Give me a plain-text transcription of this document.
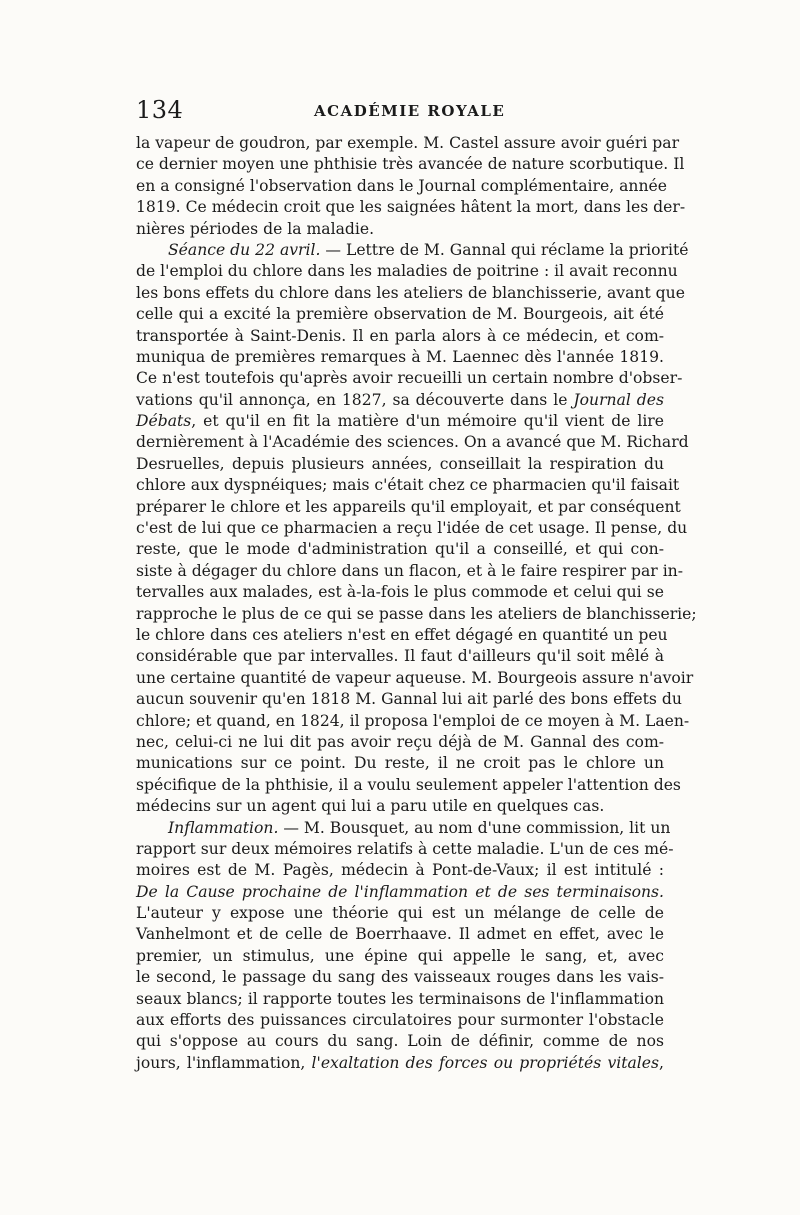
134	ACADÉMIE ROYALE
la vapeur de goudron, par exemple. M. Castel assure avoir guéri par
ce dernier moyen une phthisie très avancée de nature scorbutique. Il
en a consigné l'observation dans le Journal complémentaire, année
1819. Ce médecin croit que les saignées hâtent la mort, dans les der-
nières périodes de la maladie.
Séance du 22 avril. — Lettre de M. Gannal qui réclame la priorité
de l'emploi du chlore dans les maladies de poitrine : il avait reconnu
les bons effets du chlore dans les ateliers de blanchisserie, avant que
celle qui a excité la première observation de M. Bourgeois, ait été
transportée à Saint-Denis. Il en parla alors à ce médecin, et com-
muniqua de premières remarques à M. Laennec dès l'année 1819.
Ce n'est toutefois qu'après avoir recueilli un certain nombre d'obser-
vations qu'il annonça, en 1827, sa découverte dans le Journal des
Débats, et qu'il en fit la matière d'un mémoire qu'il vient de lire
dernièrement à l'Académie des sciences. On a avancé que M. Richard
Desruelles, depuis plusieurs années, conseillait la respiration du
chlore aux dyspnéiques; mais c'était chez ce pharmacien qu'il faisait
préparer le chlore et les appareils qu'il employait, et par conséquent
c'est de lui que ce pharmacien a reçu l'idée de cet usage. Il pense, du
reste, que le mode d'administration qu'il a conseillé, et qui con-
siste à dégager du chlore dans un flacon, et à le faire respirer par in-
tervalles aux malades, est à-la-fois le plus commode et celui qui se
rapproche le plus de ce qui se passe dans les ateliers de blanchisserie;
le chlore dans ces ateliers n'est en effet dégagé en quantité un peu
considérable que par intervalles. Il faut d'ailleurs qu'il soit mêlé à
une certaine quantité de vapeur aqueuse. M. Bourgeois assure n'avoir
aucun souvenir qu'en 1818 M. Gannal lui ait parlé des bons effets du
chlore; et quand, en 1824, il proposa l'emploi de ce moyen à M. Laen-
nec, celui-ci ne lui dit pas avoir reçu déjà de M. Gannal des com-
munications sur ce point. Du reste, il ne croit pas le chlore un
spécifique de la phthisie, il a voulu seulement appeler l'attention des
médecins sur un agent qui lui a paru utile en quelques cas.
Inflammation. — M. Bousquet, au nom d'une commission, lit un
rapport sur deux mémoires relatifs à cette maladie. L'un de ces mé-
moires est de M. Pagès, médecin à Pont-de-Vaux; il est intitulé :
De la Cause prochaine de l'inflammation et de ses terminaisons.
L'auteur y expose une théorie qui est un mélange de celle de
Vanhelmont et de celle de Boerrhaave. Il admet en effet, avec le
premier, un stimulus, une épine qui appelle le sang, et, avec
le second, le passage du sang des vaisseaux rouges dans les vais-
seaux blancs; il rapporte toutes les terminaisons de l'inflammation
aux efforts des puissances circulatoires pour surmonter l'obstacle
qui s'oppose au cours du sang. Loin de définir, comme de nos
jours, l'inflammation, l'exaltation des forces ou propriétés vitales,
